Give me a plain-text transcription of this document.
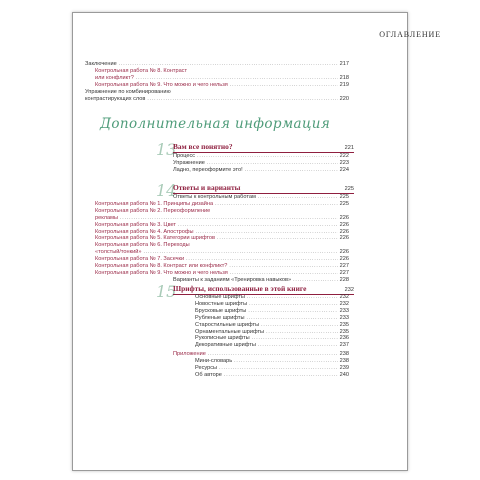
ОГЛАВЛЕНИЕ
Заключение .....	217
Контрольная работа № 8. Контраст
или конфликт? .....	218
Контрольная работа № 9. Что можно и чего нельзя .....	219
Упражнение по комбинированию
контрастирующих слов .....	220
Дополнительная информация
13
Вам все понятно?	221
Процесс .....	222
Упражнение .....	223
Ладно, переоформите это! .....	224
14
Ответы и варианты	225
Ответы к контрольным работам .....	225
Контрольная работа № 1. Принципы дизайна .....	225
Контрольная работа № 2. Переоформление
рекламы .....	226
Контрольная работа № 3. Цвет .....	226
Контрольная работа № 4. Апострофы .....	226
Контрольная работа № 5. Категории шрифтов .....	226
Контрольная работа № 6. Переходы
«толстый/тонкий» .....	226
Контрольная работа № 7. Засечки .....	226
Контрольная работа № 8. Контраст или конфликт? .....	227
Контрольная работа № 9. Что можно и чего нельзя .....	227
Варианты к заданиям «Тренировка навыков» .....	228
15
Шрифты, использованные в этой книге	232
Основные шрифты .....	232
Новостные шрифты .....	232
Брусковые шрифты .....	233
Рубленые шрифты .....	233
Старостильные шрифты .....	235
Орнаментальные шрифты .....	235
Рукописные шрифты .....	236
Декоративные шрифты .....	237
Приложение .....	238
Мини-словарь .....	238
Ресурсы .....	239
Об авторе .....	240
